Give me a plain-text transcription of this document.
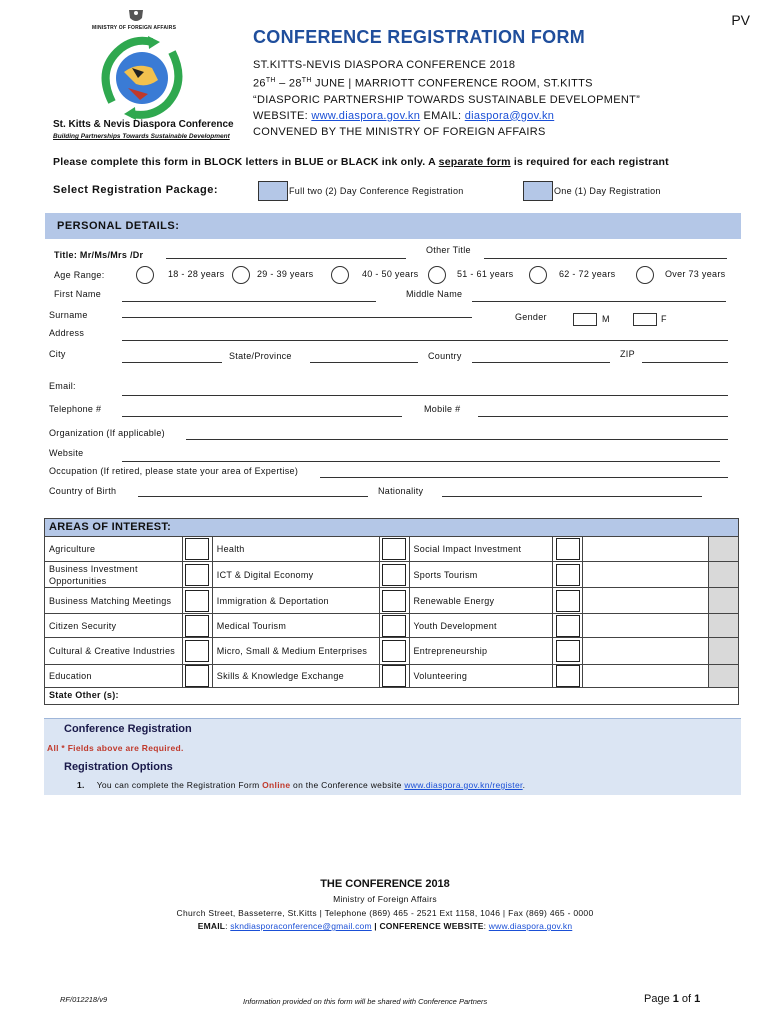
PV
MINISTRY OF FOREIGN AFFAIRS
St. Kitts & Nevis Diaspora Conference
Building Partnerships Towards Sustainable Development
CONFERENCE REGISTRATION FORM
ST.KITTS-NEVIS DIASPORA CONFERENCE 2018
26TH – 28TH JUNE | MARRIOTT CONFERENCE ROOM, ST.KITTS
“DIASPORIC PARTNERSHIP TOWARDS SUSTAINABLE DEVELOPMENT”
WEBSITE: www.diaspora.gov.kn EMAIL: diaspora@gov.kn
CONVENED BY THE MINISTRY OF FOREIGN AFFAIRS
Please complete this form in BLOCK letters in BLUE or BLACK ink only. A separate form is required for each registrant
Select Registration Package:	Full two (2) Day Conference Registration	One (1) Day Registration
PERSONAL DETAILS:
Title: Mr/Ms/Mrs /Dr	Other Title
Age Range:	18 - 28 years	29 - 39 years	40 - 50 years	51 - 61 years	62 - 72 years	Over 73 years
First Name	Middle Name
Surname	Gender	M	F
Address
City	State/Province	Country	ZIP
Email:
Telephone #	Mobile #
Organization (If applicable)
Website
Occupation (If retired, please state your area of Expertise)
Country of Birth	Nationality
AREAS OF INTEREST:
Agriculture		Health		Social Impact Investment	

Business Investment Opportunities		ICT & Digital Economy		Sports Tourism	

Business Matching Meetings		Immigration & Deportation		Renewable Energy	

Citizen Security		Medical Tourism		Youth Development	

Cultural & Creative Industries		Micro, Small & Medium Enterprises		Entrepreneurship	

Education		Skills & Knowledge Exchange		Volunteering	

State Other (s):
Conference Registration
All * Fields above are Required.
Registration Options
1. You can complete the Registration Form Online on the Conference website www.diaspora.gov.kn/register.
THE CONFERENCE 2018
Ministry of Foreign Affairs
Church Street, Basseterre, St.Kitts | Telephone (869) 465 - 2521 Ext 1158, 1046 | Fax (869) 465 - 0000
EMAIL: skndiasporaconference@gmail.com | CONFERENCE WEBSITE: www.diaspora.gov.kn
RF/012218/v9	Information provided on this form will be shared with Conference Partners	Page 1 of 1
